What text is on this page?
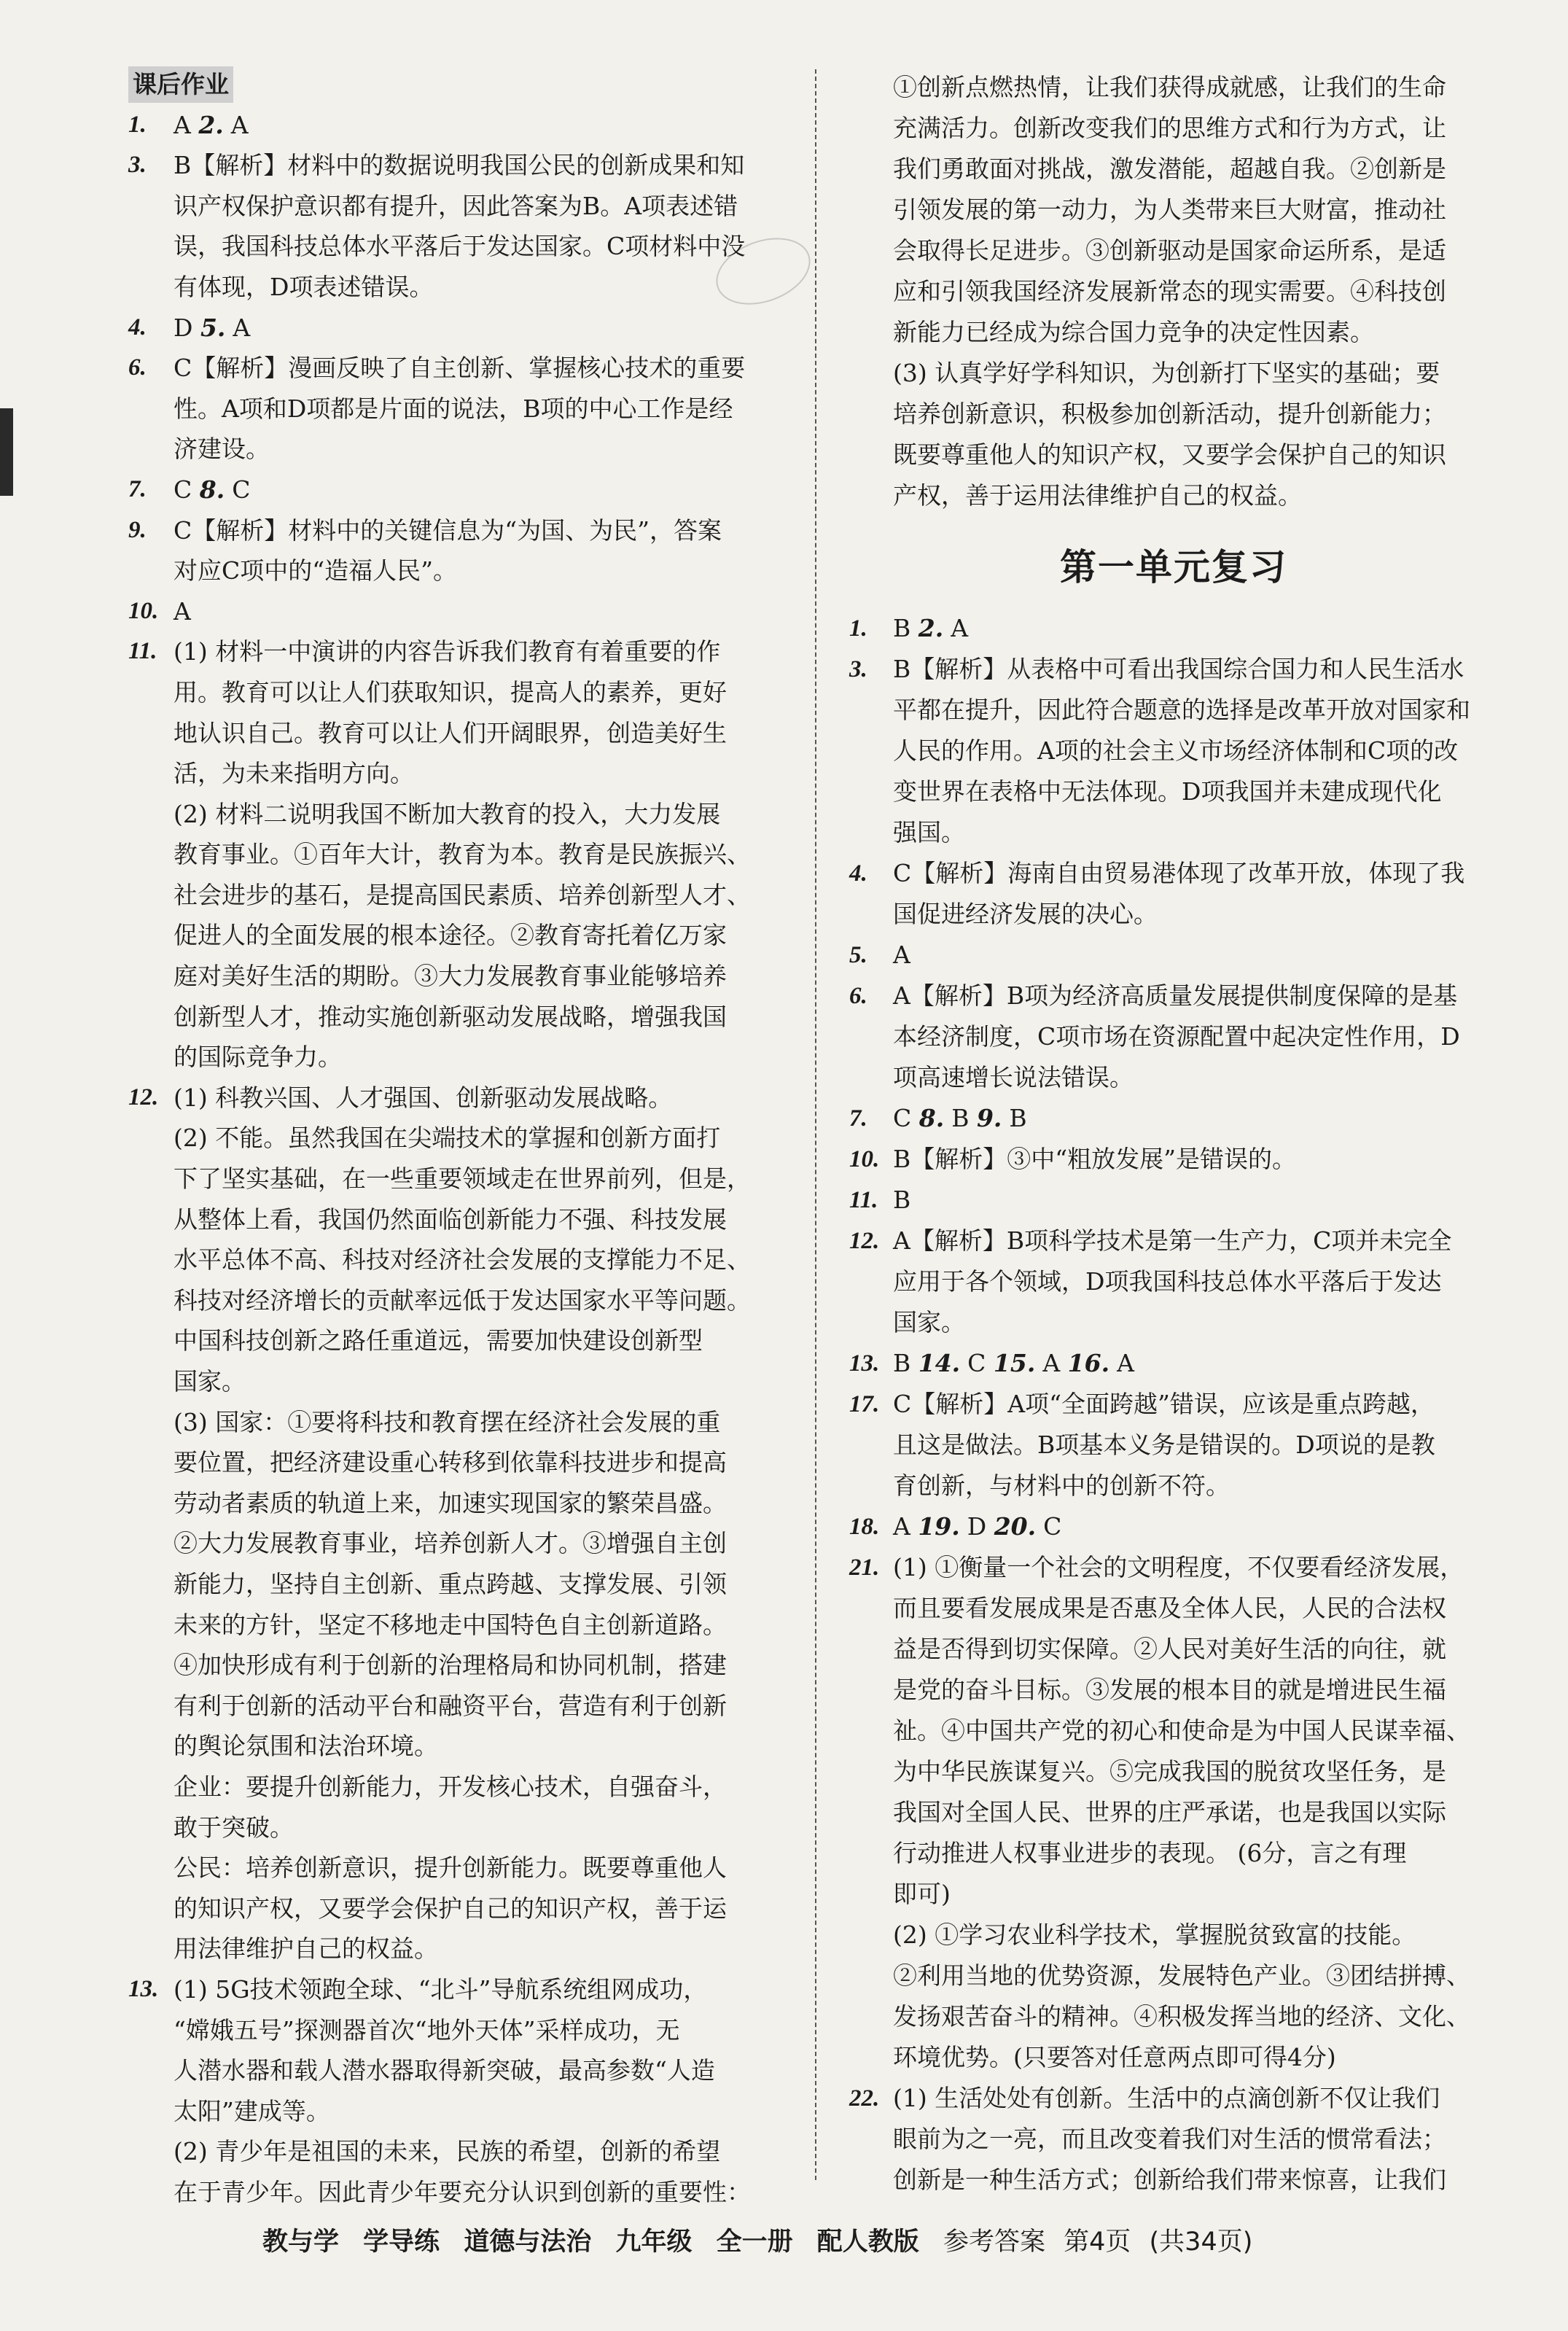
课后作业
1. A 2. A
3. B【解析】材料中的数据说明我国公民的创新成果和知
识产权保护意识都有提升，因此答案为B。A项表述错
误，我国科技总体水平落后于发达国家。C项材料中没
有体现，D项表述错误。
4. D 5. A
6. C【解析】漫画反映了自主创新、掌握核心技术的重要
性。A项和D项都是片面的说法，B项的中心工作是经
济建设。
7. C 8. C
9. C【解析】材料中的关键信息为“为国、为民”，答案
对应C项中的“造福人民”。
10. A
11. (1) 材料一中演讲的内容告诉我们教育有着重要的作
用。教育可以让人们获取知识，提高人的素养，更好
地认识自己。教育可以让人们开阔眼界，创造美好生
活，为未来指明方向。
(2) 材料二说明我国不断加大教育的投入，大力发展
教育事业。①百年大计，教育为本。教育是民族振兴、
社会进步的基石，是提高国民素质、培养创新型人才、
促进人的全面发展的根本途径。②教育寄托着亿万家
庭对美好生活的期盼。③大力发展教育事业能够培养
创新型人才，推动实施创新驱动发展战略，增强我国
的国际竞争力。
12. (1) 科教兴国、人才强国、创新驱动发展战略。
(2) 不能。虽然我国在尖端技术的掌握和创新方面打
下了坚实基础，在一些重要领域走在世界前列，但是，
从整体上看，我国仍然面临创新能力不强、科技发展
水平总体不高、科技对经济社会发展的支撑能力不足、
科技对经济增长的贡献率远低于发达国家水平等问题。
中国科技创新之路任重道远，需要加快建设创新型
国家。
(3) 国家：①要将科技和教育摆在经济社会发展的重
要位置，把经济建设重心转移到依靠科技进步和提高
劳动者素质的轨道上来，加速实现国家的繁荣昌盛。
②大力发展教育事业，培养创新人才。③增强自主创
新能力，坚持自主创新、重点跨越、支撑发展、引领
未来的方针，坚定不移地走中国特色自主创新道路。
④加快形成有利于创新的治理格局和协同机制，搭建
有利于创新的活动平台和融资平台，营造有利于创新
的舆论氛围和法治环境。
企业：要提升创新能力，开发核心技术，自强奋斗，
敢于突破。
公民：培养创新意识，提升创新能力。既要尊重他人
的知识产权，又要学会保护自己的知识产权，善于运
用法律维护自己的权益。
13. (1) 5G技术领跑全球、“北斗”导航系统组网成功，
“嫦娥五号”探测器首次“地外天体”采样成功，无
人潜水器和载人潜水器取得新突破，最高参数“人造
太阳”建成等。
(2) 青少年是祖国的未来，民族的希望，创新的希望
在于青少年。因此青少年要充分认识到创新的重要性：
①创新点燃热情，让我们获得成就感，让我们的生命
充满活力。创新改变我们的思维方式和行为方式，让
我们勇敢面对挑战，激发潜能，超越自我。②创新是
引领发展的第一动力，为人类带来巨大财富，推动社
会取得长足进步。③创新驱动是国家命运所系，是适
应和引领我国经济发展新常态的现实需要。④科技创
新能力已经成为综合国力竞争的决定性因素。
(3) 认真学好学科知识，为创新打下坚实的基础；要
培养创新意识，积极参加创新活动，提升创新能力；
既要尊重他人的知识产权，又要学会保护自己的知识
产权，善于运用法律维护自己的权益。
第一单元复习
1. B 2. A
3. B【解析】从表格中可看出我国综合国力和人民生活水
平都在提升，因此符合题意的选择是改革开放对国家和
人民的作用。A项的社会主义市场经济体制和C项的改
变世界在表格中无法体现。D项我国并未建成现代化
强国。
4. C【解析】海南自由贸易港体现了改革开放，体现了我
国促进经济发展的决心。
5. A
6. A【解析】B项为经济高质量发展提供制度保障的是基
本经济制度，C项市场在资源配置中起决定性作用，D
项高速增长说法错误。
7. C 8. B 9. B
10. B【解析】③中“粗放发展”是错误的。
11. B
12. A【解析】B项科学技术是第一生产力，C项并未完全
应用于各个领域，D项我国科技总体水平落后于发达
国家。
13. B 14. C 15. A 16. A
17. C【解析】A项“全面跨越”错误，应该是重点跨越，
且这是做法。B项基本义务是错误的。D项说的是教
育创新，与材料中的创新不符。
18. A 19. D 20. C
21. (1) ①衡量一个社会的文明程度，不仅要看经济发展，
而且要看发展成果是否惠及全体人民，人民的合法权
益是否得到切实保障。②人民对美好生活的向往，就
是党的奋斗目标。③发展的根本目的就是增进民生福
祉。④中国共产党的初心和使命是为中国人民谋幸福、
为中华民族谋复兴。⑤完成我国的脱贫攻坚任务，是
我国对全国人民、世界的庄严承诺，也是我国以实际
行动推进人权事业进步的表现。 (6分，言之有理
即可)
(2) ①学习农业科学技术，掌握脱贫致富的技能。
②利用当地的优势资源，发展特色产业。③团结拼搏、
发扬艰苦奋斗的精神。④积极发挥当地的经济、文化、
环境优势。(只要答对任意两点即可得4分)
22. (1) 生活处处有创新。生活中的点滴创新不仅让我们
眼前为之一亮，而且改变着我们对生活的惯常看法；
创新是一种生活方式；创新给我们带来惊喜，让我们
教与学 学导练 道德与法治 九年级 全一册 配人教版 参考答案 第4页 (共34页)
